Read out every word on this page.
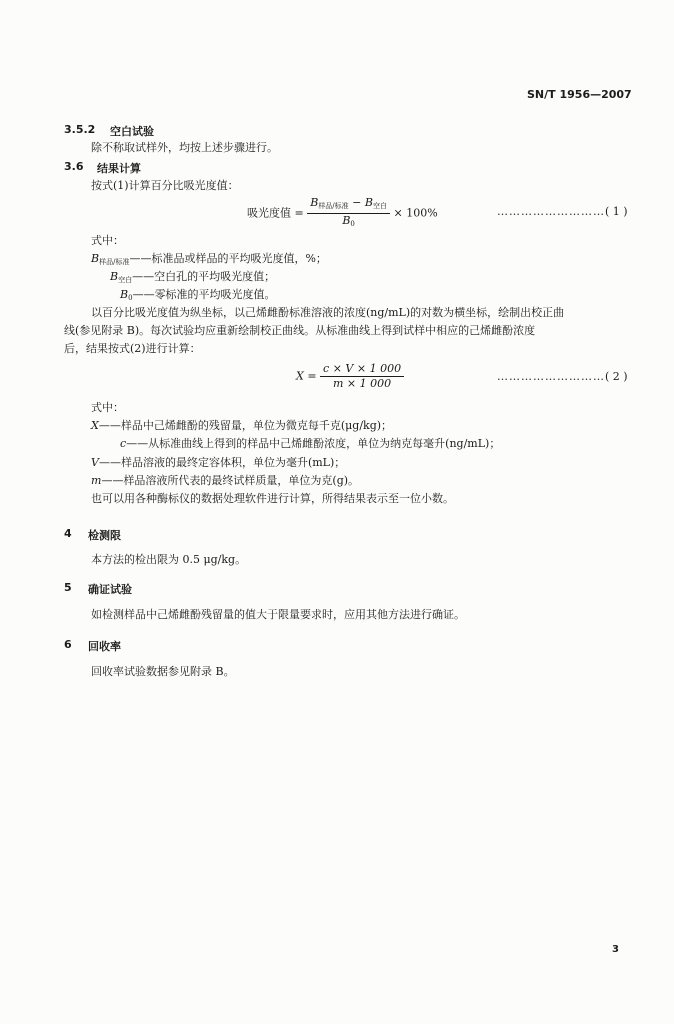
SN/T 1956—2007
3.5.2 空白试验
除不称取试样外，均按上述步骤进行。
3.6 结果计算
按式(1)计算百分比吸光度值：
吸光度值 = $\frac{B_{样品/标准} - B_{空白}}{B_0} \times 100\%$	………………………( 1 )
式中：
$B_{样品/标准}——$标准品或样品的平均吸光度值，%；
$B_{空白}——$空白孔的平均吸光度值；
$B_0——$零标准的平均吸光度值。
以百分比吸光度值为纵坐标，以己烯雌酚标准溶液的浓度(ng/mL)的对数为横坐标，绘制出校正曲
线(参见附录 B)。每次试验均应重新绘制校正曲线。从标准曲线上得到试样中相应的己烯雌酚浓度
后，结果按式(2)进行计算：
$X = \frac{c \times V \times 1 000}{m \times 1 000}$	………………………( 2 )
式中：
X——样品中己烯雌酚的残留量，单位为微克每千克(μg/kg)；
c——从标准曲线上得到的样品中己烯雌酚浓度，单位为纳克每毫升(ng/mL)；
V——样品溶液的最终定容体积，单位为毫升(mL)；
m——样品溶液所代表的最终试样质量，单位为克(g)。
也可以用各种酶标仪的数据处理软件进行计算，所得结果表示至一位小数。
4 检测限
本方法的检出限为 0.5 μg/kg。
5 确证试验
如检测样品中己烯雌酚残留量的值大于限量要求时，应用其他方法进行确证。
6 回收率
回收率试验数据参见附录 B。
3
